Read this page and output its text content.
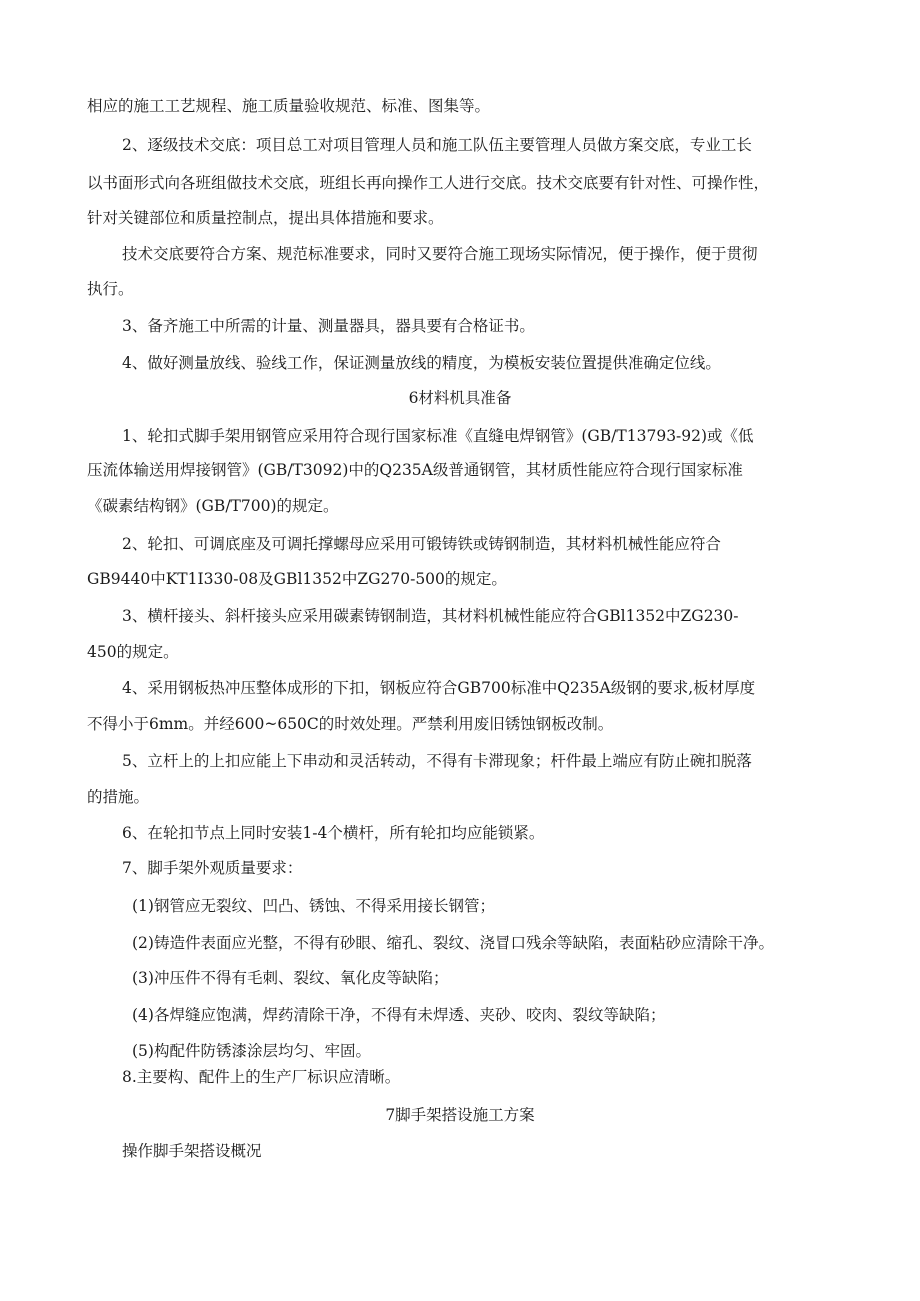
相应的施工工艺规程、施工质量验收规范、标准、图集等。
2、逐级技术交底：项目总工对项目管理人员和施工队伍主要管理人员做方案交底，专业工长
以书面形式向各班组做技术交底，班组长再向操作工人进行交底。技术交底要有针对性、可操作性，
针对关键部位和质量控制点，提出具体措施和要求。
技术交底要符合方案、规范标准要求，同时又要符合施工现场实际情况，便于操作，便于贯彻
执行。
3、备齐施工中所需的计量、测量器具，器具要有合格证书。
4、做好测量放线、验线工作，保证测量放线的精度，为模板安装位置提供准确定位线。
6材料机具准备
1、轮扣式脚手架用钢管应采用符合现行国家标准《直缝电焊钢管》(GB/T13793-92)或《低
压流体输送用焊接钢管》(GB/T3092)中的Q235A级普通钢管，其材质性能应符合现行国家标准
《碳素结构钢》(GB/T700)的规定。
2、轮扣、可调底座及可调托撑螺母应采用可锻铸铁或铸钢制造，其材料机械性能应符合
GB9440中KT1I330-08及GBl1352中ZG270-500的规定。
3、横杆接头、斜杆接头应采用碳素铸钢制造，其材料机械性能应符合GBl1352中ZG230-
450的规定。
4、采用钢板热冲压整体成形的下扣，钢板应符合GB700标准中Q235A级钢的要求,板材厚度
不得小于6mm。并经600~650C的时效处理。严禁利用废旧锈蚀钢板改制。
5、立杆上的上扣应能上下串动和灵活转动，不得有卡滞现象；杆件最上端应有防止碗扣脱落
的措施。
6、在轮扣节点上同时安装1-4个横杆，所有轮扣均应能锁紧。
7、脚手架外观质量要求：
(1)钢管应无裂纹、凹凸、锈蚀、不得采用接长钢管；
(2)铸造件表面应光整，不得有砂眼、缩孔、裂纹、浇冒口残余等缺陷，表面粘砂应清除干净。
(3)冲压件不得有毛刺、裂纹、氧化皮等缺陷；
(4)各焊缝应饱满，焊药清除干净，不得有未焊透、夹砂、咬肉、裂纹等缺陷；
(5)构配件防锈漆涂层均匀、牢固。
8.主要构、配件上的生产厂标识应清晰。
7脚手架搭设施工方案
操作脚手架搭设概况
